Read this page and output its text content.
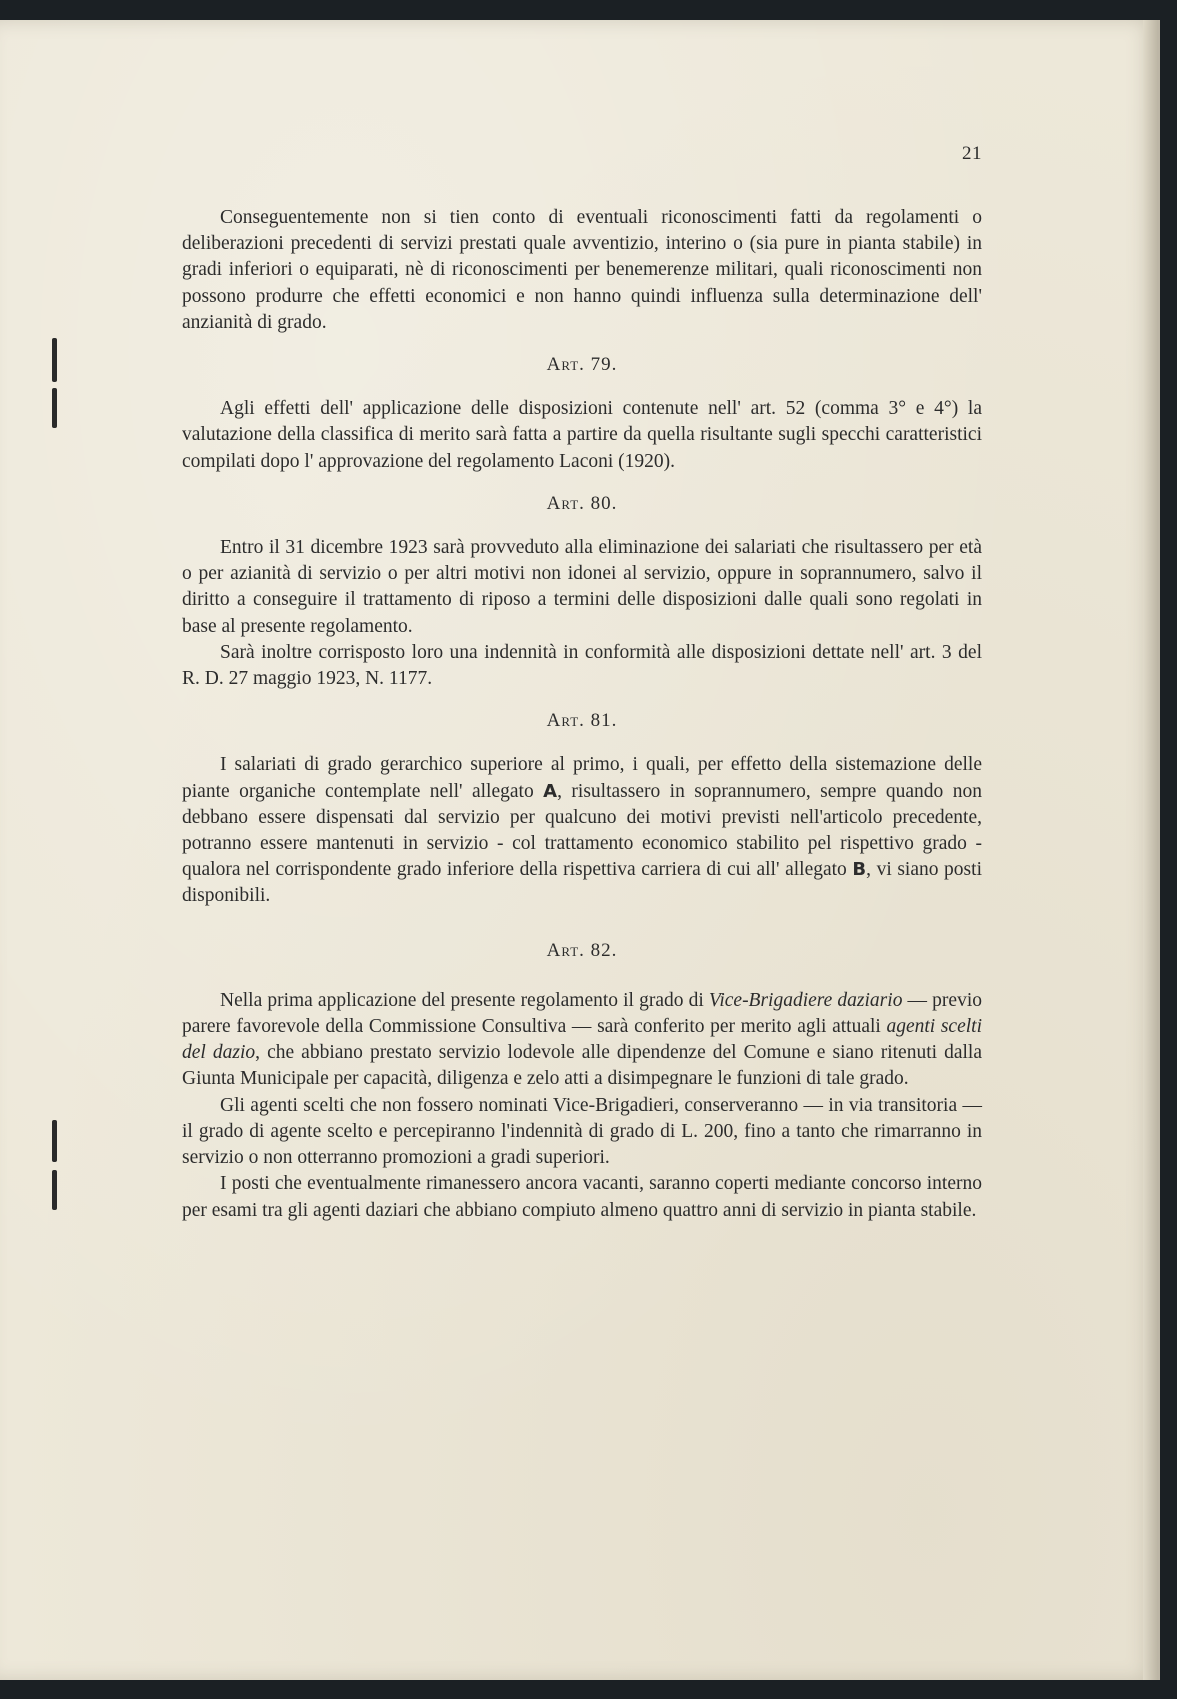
21

Conseguentemente non si tien conto di eventuali riconoscimenti fatti da regolamenti o deliberazioni precedenti di servizi prestati quale avventizio, interino o (sia pure in pianta stabile) in gradi inferiori o equiparati, nè di riconoscimenti per benemerenze militari, quali riconoscimenti non possono produrre che effetti economici e non hanno quindi influenza sulla determinazione dell' anzianità di grado.

Art. 79.

Agli effetti dell' applicazione delle disposizioni contenute nell' art. 52 (comma 3° e 4°) la valutazione della classifica di merito sarà fatta a partire da quella risultante sugli specchi caratteristici compilati dopo l' approvazione del regolamento Laconi (1920).

Art. 80.

Entro il 31 dicembre 1923 sarà provveduto alla eliminazione dei salariati che risultassero per età o per azianità di servizio o per altri motivi non idonei al servizio, oppure in soprannumero, salvo il diritto a conseguire il trattamento di riposo a termini delle disposizioni dalle quali sono regolati in base al presente regolamento.

Sarà inoltre corrisposto loro una indennità in conformità alle disposizioni dettate nell' art. 3 del R. D. 27 maggio 1923, N. 1177.

Art. 81.

I salariati di grado gerarchico superiore al primo, i quali, per effetto della sistemazione delle piante organiche contemplate nell' allegato A, risultassero in soprannumero, sempre quando non debbano essere dispensati dal servizio per qualcuno dei motivi previsti nell'articolo precedente, potranno essere mantenuti in servizio - col trattamento economico stabilito pel rispettivo grado - qualora nel corrispondente grado inferiore della rispettiva carriera di cui all' allegato B, vi siano posti disponibili.

Art. 82.

Nella prima applicazione del presente regolamento il grado di Vice-Brigadiere daziario — previo parere favorevole della Commissione Consultiva — sarà conferito per merito agli attuali agenti scelti del dazio, che abbiano prestato servizio lodevole alle dipendenze del Comune e siano ritenuti dalla Giunta Municipale per capacità, diligenza e zelo atti a disimpegnare le funzioni di tale grado.

Gli agenti scelti che non fossero nominati Vice-Brigadieri, conserveranno — in via transitoria — il grado di agente scelto e percepiranno l'indennità di grado di L. 200, fino a tanto che rimarranno in servizio o non otterranno promozioni a gradi superiori.

I posti che eventualmente rimanessero ancora vacanti, saranno coperti mediante concorso interno per esami tra gli agenti daziari che abbiano compiuto almeno quattro anni di servizio in pianta stabile.
